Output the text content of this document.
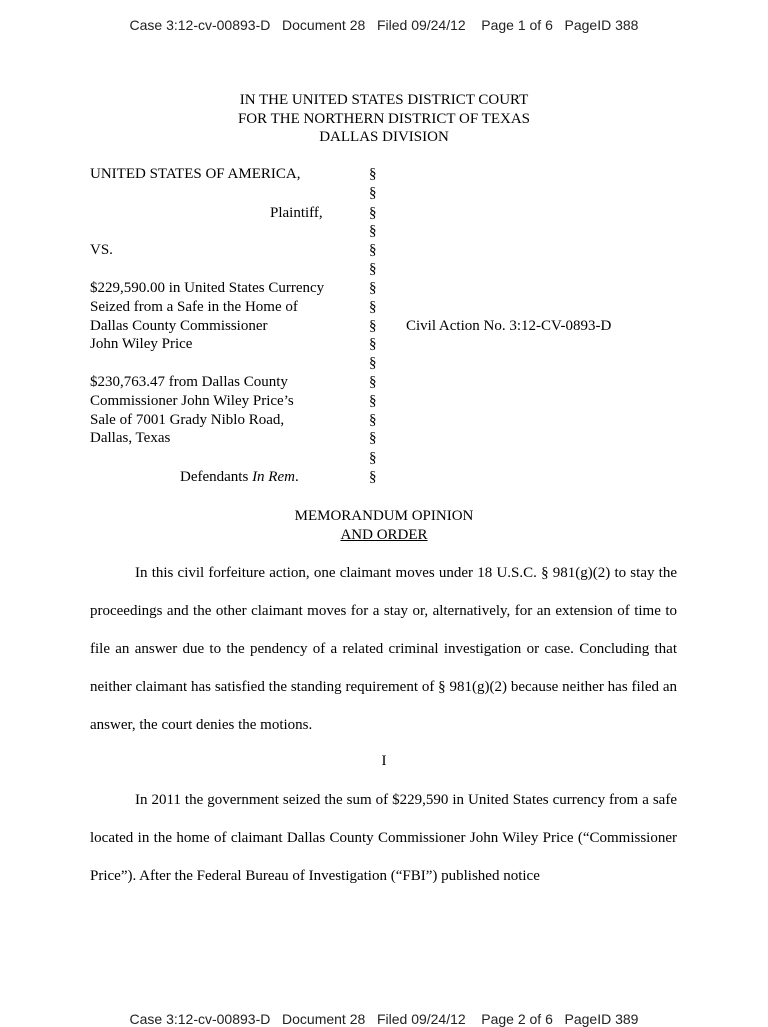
Case 3:12-cv-00893-D   Document 28   Filed 09/24/12    Page 1 of 6   PageID 388
IN THE UNITED STATES DISTRICT COURT
FOR THE NORTHERN DISTRICT OF TEXAS
DALLAS DIVISION
UNITED STATES OF AMERICA,
Plaintiff,
VS.
$229,590.00 in United States Currency
Seized from a Safe in the Home of
Dallas County Commissioner
John Wiley Price
$230,763.47 from Dallas County
Commissioner John Wiley Price’s
Sale of 7001 Grady Niblo Road,
Dallas, Texas
Defendants In Rem.
§
§
§
§
§
§
§
§
§
§
§
§
§
§
§
§
§
Civil Action No. 3:12-CV-0893-D
MEMORANDUM OPINION
AND ORDER
In this civil forfeiture action, one claimant moves under 18 U.S.C. § 981(g)(2) to stay the proceedings and the other claimant moves for a stay or, alternatively, for an extension of time to file an answer due to the pendency of a related criminal investigation or case. Concluding that neither claimant has satisfied the standing requirement of § 981(g)(2) because neither has filed an answer, the court denies the motions.
I
In 2011 the government seized the sum of $229,590 in United States currency from a safe located in the home of claimant Dallas County Commissioner John Wiley Price (“Commissioner Price”). After the Federal Bureau of Investigation (“FBI”) published notice
Case 3:12-cv-00893-D   Document 28   Filed 09/24/12    Page 2 of 6   PageID 389
